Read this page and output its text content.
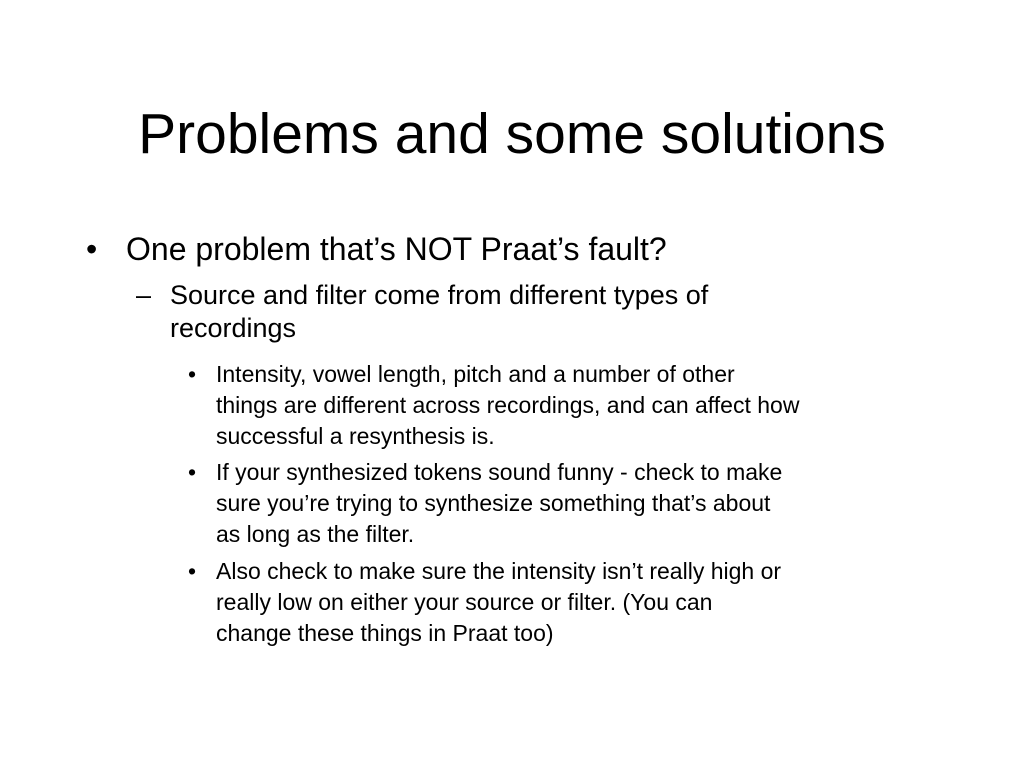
Problems and some solutions
• One problem that’s NOT Praat’s fault?
– Source and filter come from different types of
recordings
• Intensity, vowel length, pitch and a number of other
things are different across recordings, and can affect how
successful a resynthesis is.
• If your synthesized tokens sound funny - check to make
sure you’re trying to synthesize something that’s about
as long as the filter.
• Also check to make sure the intensity isn’t really high or
really low on either your source or filter. (You can
change these things in Praat too)
